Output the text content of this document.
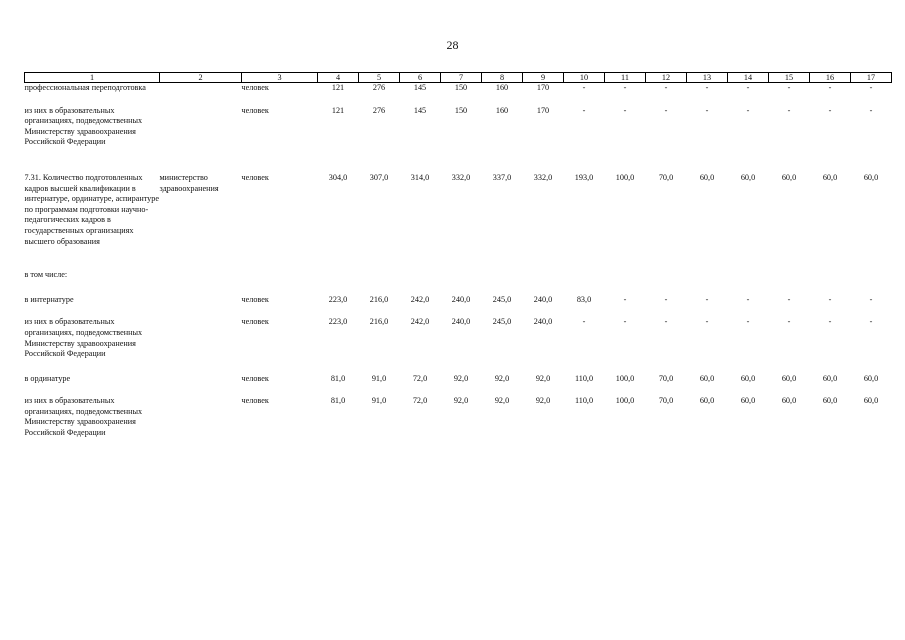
28
1	2	3	4	5	6	7	8	9	10	11	12	13	14	15	16	17
профессиональная переподготовка		человек	121	276	145	150	160	170	-	-	-	-	-	-	-	-
из них в образовательных организациях, подведомственных Министерству здравоохранения Российской Федерации		человек	121	276	145	150	160	170	-	-	-	-	-	-	-	-
7.31. Количество подготовленных кадров высшей квалификации в интернатуре, ординатуре, аспирантуре по программам подготовки научно-педагогических кадров в государственных организациях высшего образования	министерство здравоохранения	человек	304,0	307,0	314,0	332,0	337,0	332,0	193,0	100,0	70,0	60,0	60,0	60,0	60,0	60,0
в том числе:																
в интернатуре		человек	223,0	216,0	242,0	240,0	245,0	240,0	83,0	-	-	-	-	-	-	-
из них в образовательных организациях, подведомственных Министерству здравоохранения Российской Федерации		человек	223,0	216,0	242,0	240,0	245,0	240,0	-	-	-	-	-	-	-	-
в ординатуре		человек	81,0	91,0	72,0	92,0	92,0	92,0	110,0	100,0	70,0	60,0	60,0	60,0	60,0	60,0
из них в образовательных организациях, подведомственных Министерству здравоохранения Российской Федерации		человек	81,0	91,0	72,0	92,0	92,0	92,0	110,0	100,0	70,0	60,0	60,0	60,0	60,0	60,0
